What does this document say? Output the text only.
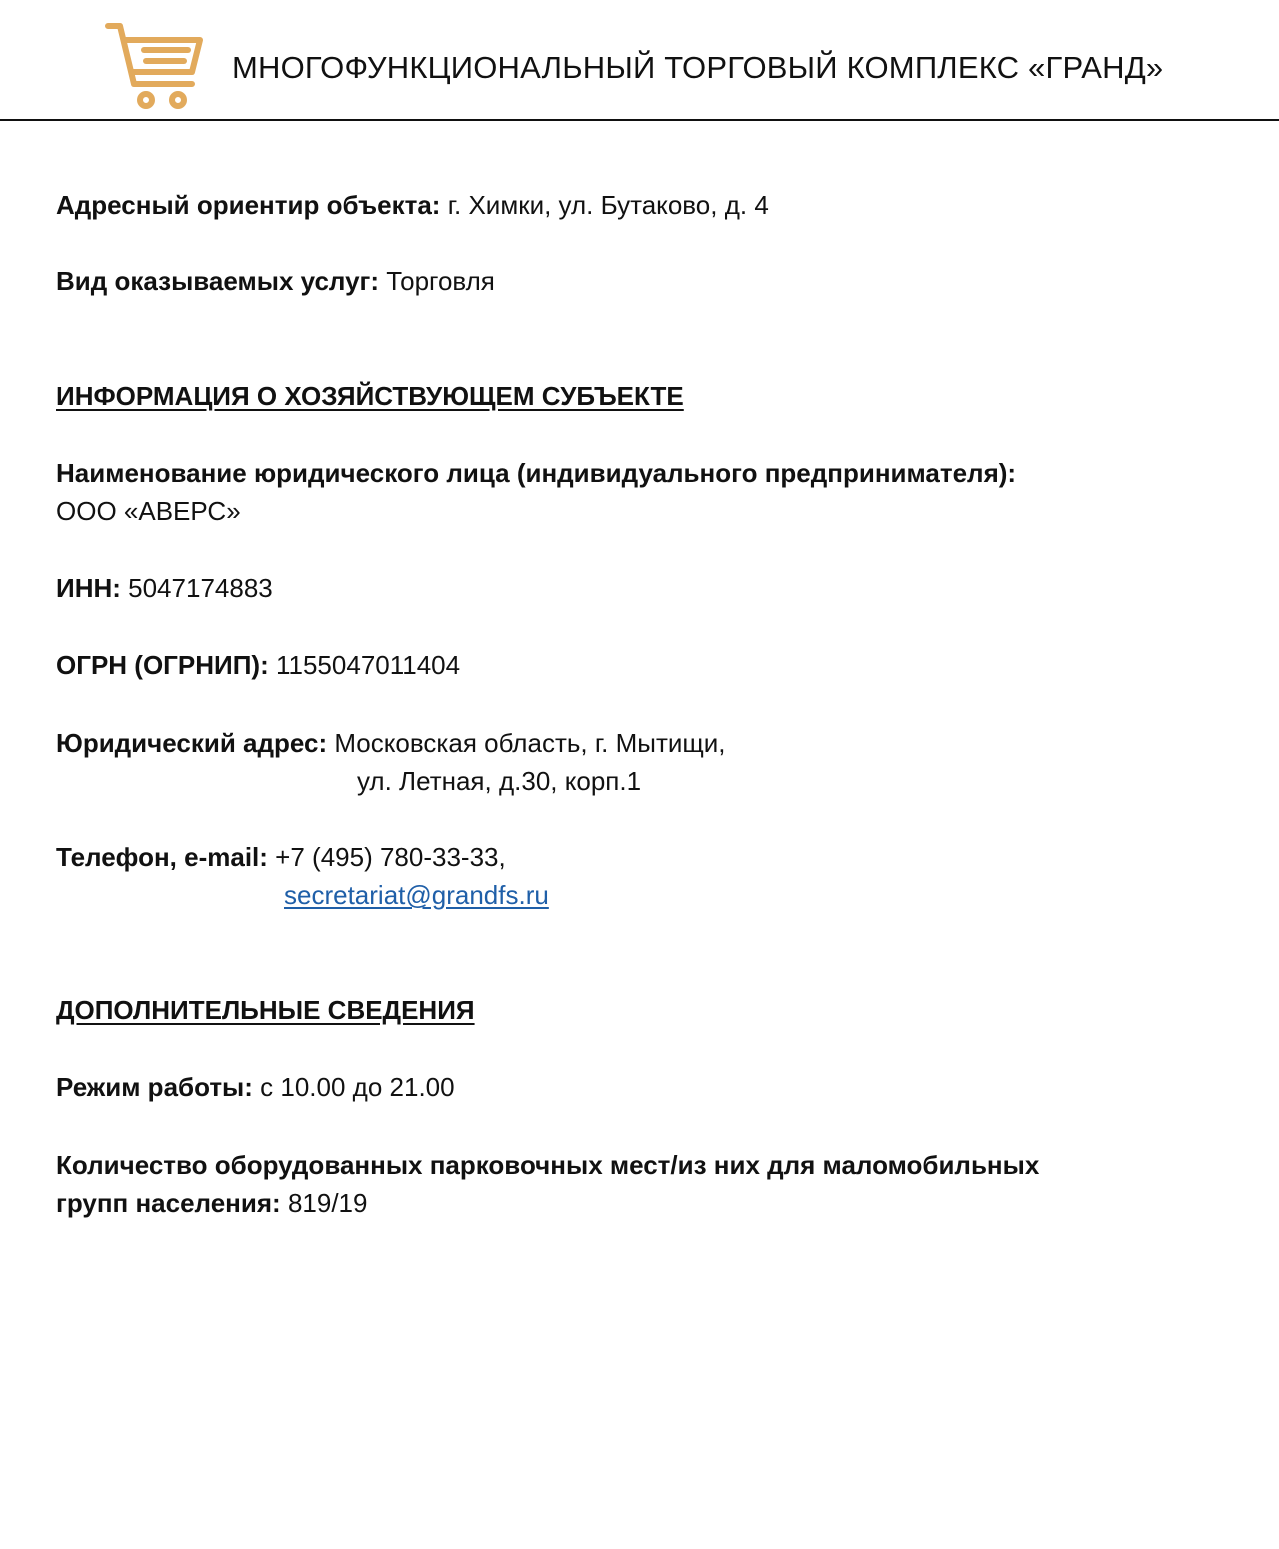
МНОГОФУНКЦИОНАЛЬНЫЙ ТОРГОВЫЙ КОМПЛЕКС «ГРАНД»
Адресный ориентир объекта: г. Химки, ул. Бутаково, д. 4
Вид оказываемых услуг: Торговля
ИНФОРМАЦИЯ О ХОЗЯЙСТВУЮЩЕМ СУБЪЕКТЕ
Наименование юридического лица (индивидуального предпринимателя):
ООО «АВЕРС»
ИНН: 5047174883
ОГРН (ОГРНИП): 1155047011404
Юридический адрес: Московская область, г. Мытищи,
ул. Летная, д.30, корп.1
Телефон, e-mail: +7 (495) 780-33-33,
secretariat@grandfs.ru
ДОПОЛНИТЕЛЬНЫЕ СВЕДЕНИЯ
Режим работы: с 10.00 до 21.00
Количество оборудованных парковочных мест/из них для маломобильных
групп населения: 819/19
